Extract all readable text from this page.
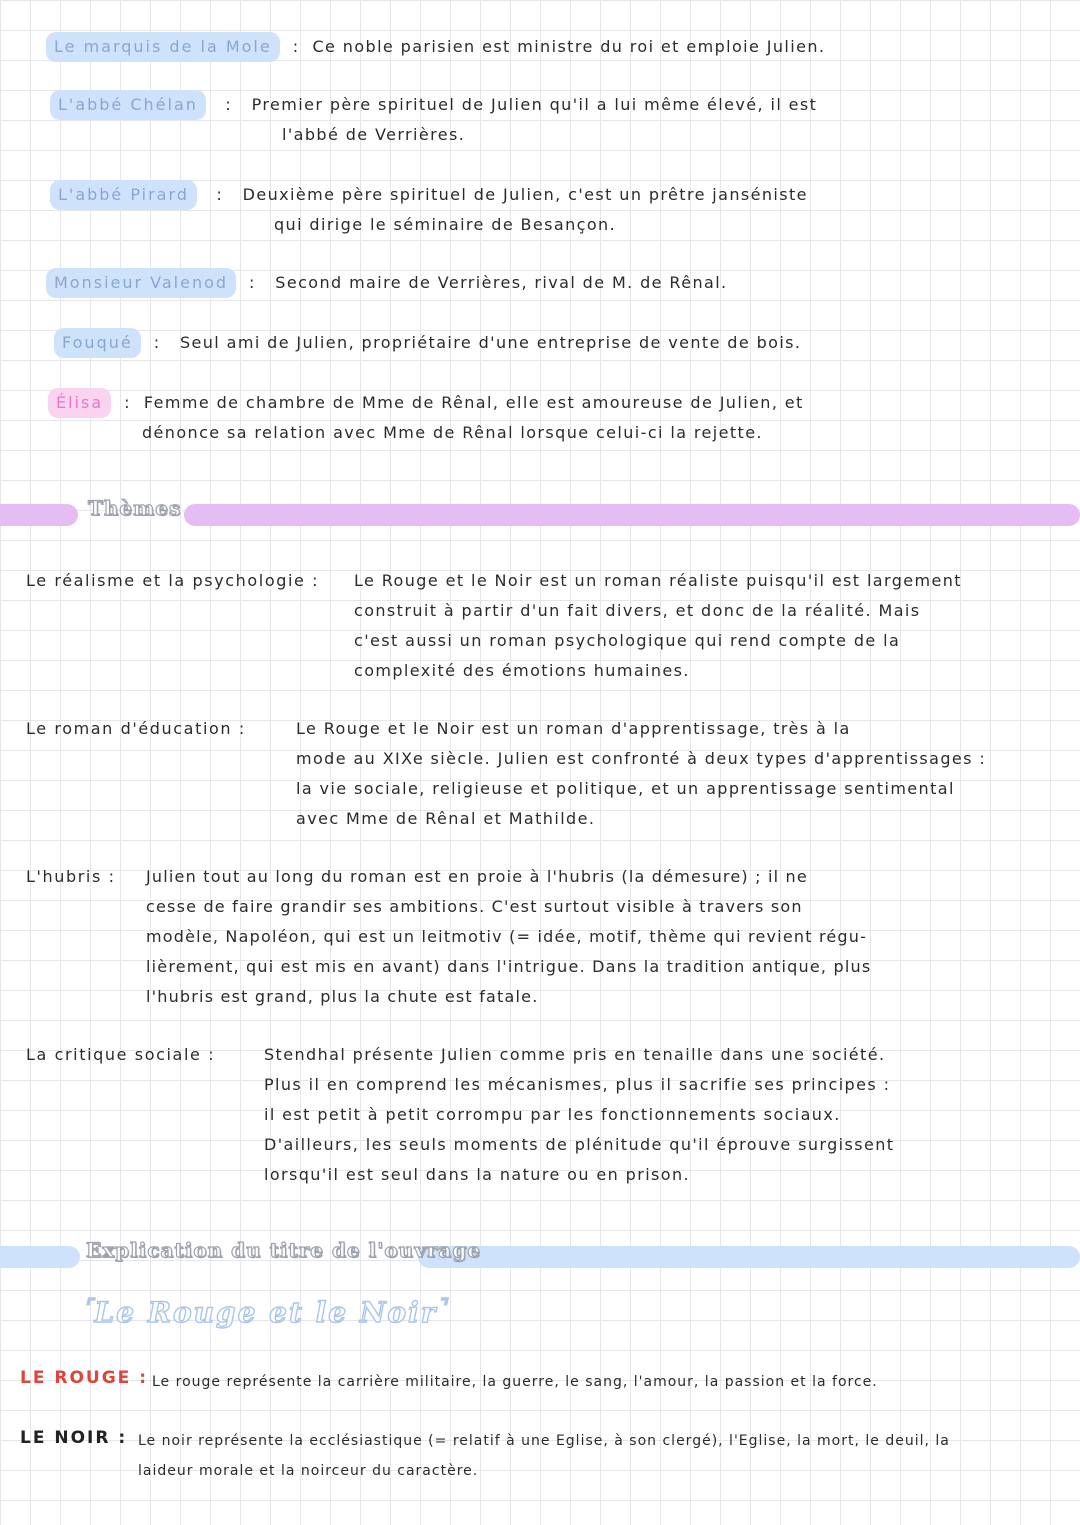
Le marquis de la Mole  :  Ce noble parisien est ministre du roi et emploie Julien.
L'abbé Chélan   :   Premier père spirituel de Julien qu'il a lui même élevé, il est
l'abbé de Verrières.
L'abbé Pirard   :   Deuxième père spirituel de Julien, c'est un prêtre janséniste
qui dirige le séminaire de Besançon.
Monsieur Valenod  :   Second maire de Verrières, rival de M. de Rênal.
Fouqué  :   Seul ami de Julien, propriétaire d'une entreprise de vente de bois.
Élisa  :  Femme de chambre de Mme de Rênal, elle est amoureuse de Julien, et
dénonce sa relation avec Mme de Rênal lorsque celui-ci la rejette.
Thèmes
Le réalisme et la psychologie : Le Rouge et le Noir est un roman réaliste puisqu'il est largement
construit à partir d'un fait divers, et donc de la réalité. Mais
c'est aussi un roman psychologique qui rend compte de la
complexité des émotions humaines.
Le roman d'éducation :	Le Rouge et le Noir est un roman d'apprentissage, très à la
mode au XIXe siècle. Julien est confronté à deux types d'apprentissages :
la vie sociale, religieuse et politique, et un apprentissage sentimental
avec Mme de Rênal et Mathilde.
L'hubris : Julien tout au long du roman est en proie à l'hubris (la démesure) ; il ne
cesse de faire grandir ses ambitions. C'est surtout visible à travers son
modèle, Napoléon, qui est un leitmotiv (= idée, motif, thème qui revient régu-
lièrement, qui est mis en avant) dans l'intrigue. Dans la tradition antique, plus
l'hubris est grand, plus la chute est fatale.
La critique sociale :	Stendhal présente Julien comme pris en tenaille dans une société.
Plus il en comprend les mécanismes, plus il sacrifie ses principes :
il est petit à petit corrompu par les fonctionnements sociaux.
D'ailleurs, les seuls moments de plénitude qu'il éprouve surgissent
lorsqu'il est seul dans la nature ou en prison.
Explication du titre de l'ouvrage
⌜Le Rouge et le Noir⌝
LE ROUGE : Le rouge représente la carrière militaire, la guerre, le sang, l'amour, la passion et la force.
LE NOIR : Le noir représente la ecclésiastique (= relatif à une Eglise, à son clergé), l'Eglise, la mort, le deuil, la
laideur morale et la noirceur du caractère.
